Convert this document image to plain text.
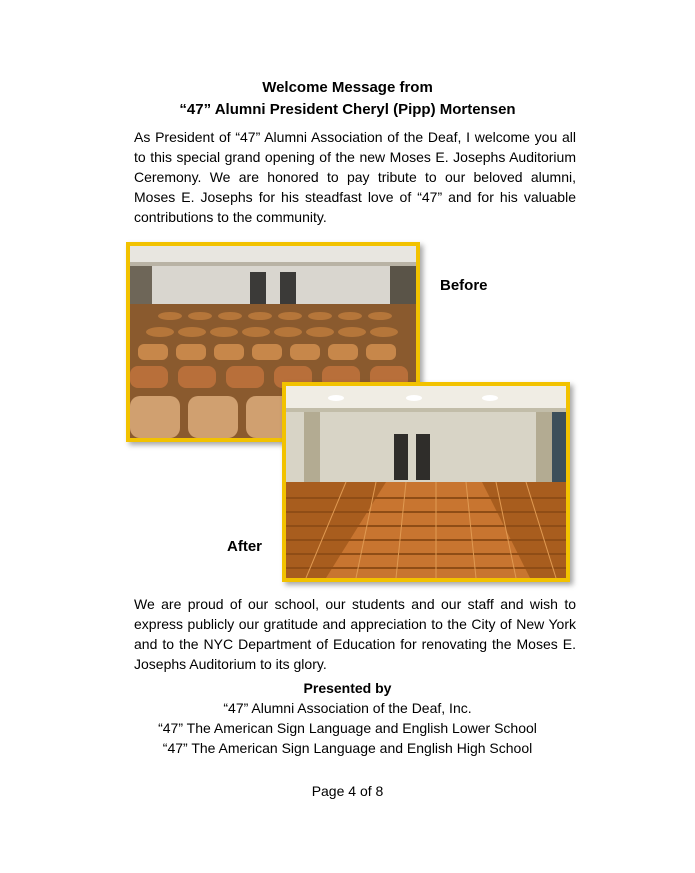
Welcome Message from
“47” Alumni President Cheryl (Pipp) Mortensen
As President of “47” Alumni Association of the Deaf, I welcome you all to this special grand opening of the new Moses E. Josephs Auditorium Ceremony. We are honored to pay tribute to our beloved alumni, Moses E. Josephs for his steadfast love of “47” and for his valuable contributions to the community.
Before
After
We are proud of our school, our students and our staff and wish to express publicly our gratitude and appreciation to the City of New York and to the NYC Department of Education for renovating the Moses E. Josephs Auditorium to its glory.
Presented by
“47” Alumni Association of the Deaf, Inc.
“47” The American Sign Language and English Lower School
“47” The American Sign Language and English High School
Page 4 of 8
